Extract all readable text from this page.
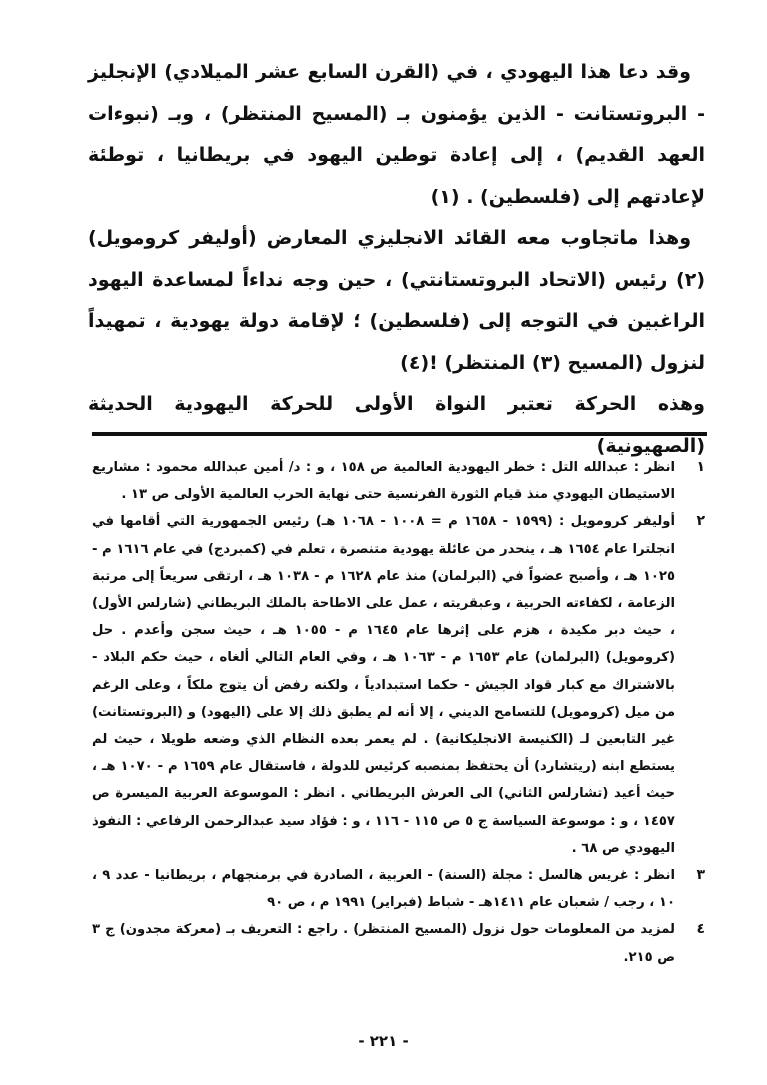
وقد دعا هذا اليهودي ، في (القرن السابع عشر الميلادي) الإنجليز - البروتستانت - الذين يؤمنون بـ (المسيح المنتظر) ، وبـ (نبوءات العهد القديم) ، إلى إعادة توطين اليهود في بريطانيا ، توطئة لإعادتهم إلى (فلسطين) . (١)

وهذا ماتجاوب معه القائد الانجليزي المعارض (أوليفر كرومويل) (٢) رئيس (الاتحاد البروتستانتي) ، حين وجه نداءاً لمساعدة اليهود الراغبين في التوجه إلى (فلسطين) ؛ لإقامة دولة يهودية ، تمهيداً لنزول (المسيح (٣) المنتظر) !(٤)

وهذه الحركة تعتبر النواة الأولى للحركة اليهودية الحديثة (الصهيونية)

١
انظر : عبدالله التل : خطر اليهودية العالمية ص ١٥٨ ، و : د/ أمين عبدالله محمود : مشاريع الاستيطان اليهودي منذ قيام الثورة الفرنسية حتى نهاية الحرب العالمية الأولى ص ١٣ .
٢
أوليفر كرومويل : (١٥٩٩ - ١٦٥٨ م = ١٠٠٨ - ١٠٦٨ هـ) رئيس الجمهورية التي أقامها في انجلترا عام ١٦٥٤ هـ ، ينحدر من عائلة يهودية متنصرة ، تعلم في (كمبردج) في عام ١٦١٦ م - ١٠٢٥ هـ ، وأصبح عضواً في (البرلمان) منذ عام ١٦٢٨ م - ١٠٣٨ هـ ، ارتقى سريعاً إلى مرتبة الزعامة ، لكفاءته الحربية ، وعبقريته ، عمل على الاطاحة بالملك البريطاني (شارلس الأول) ، حيث دبر مكيدة ، هزم على إثرها عام ١٦٤٥ م - ١٠٥٥ هـ ، حيث سجن وأعدم . حل (كرومويل) (البرلمان) عام ١٦٥٣ م - ١٠٦٣ هـ ، وفي العام التالي ألغاه ، حيث حكم البلاد - بالاشتراك مع كبار قواد الجيش - حكما استبدادياً ، ولكنه رفض أن يتوج ملكاً ، وعلى الرغم من ميل (كرومويل) للتسامح الديني ، إلا أنه لم يطبق ذلك إلا على (اليهود) و (البروتستانت) غير التابعين لـ (الكنيسة الانجليكانية) . لم يعمر بعده النظام الذي وضعه طويلا ، حيث لم يستطع ابنه (ريتشارد) أن يحتفظ بمنصبه كرئيس للدولة ، فاستقال عام ١٦٥٩ م - ١٠٧٠ هـ ، حيث أعيد (تشارلس الثاني) الى العرش البريطاني . انظر : الموسوعة العربية الميسرة ص ١٤٥٧ ، و : موسوعة السياسة ج ٥ ص ١١٥ - ١١٦ ، و : فؤاد سيد عبدالرحمن الرفاعي : النفوذ اليهودي ص ٦٨ .
٣
انظر : غريس هالسل : مجلة (السنة) - العربية ، الصادرة في برمنجهام ، بريطانيا - عدد ٩ ، ١٠ ، رجب / شعبان عام ١٤١١هـ - شباط (فبراير) ١٩٩١ م ، ص ٩٠
٤
لمزيد من المعلومات حول نزول (المسيح المنتظر) . راجع : التعريف بـ (معركة مجدون) ج ٣ ص ٢١٥.
- ٢٢١ -
